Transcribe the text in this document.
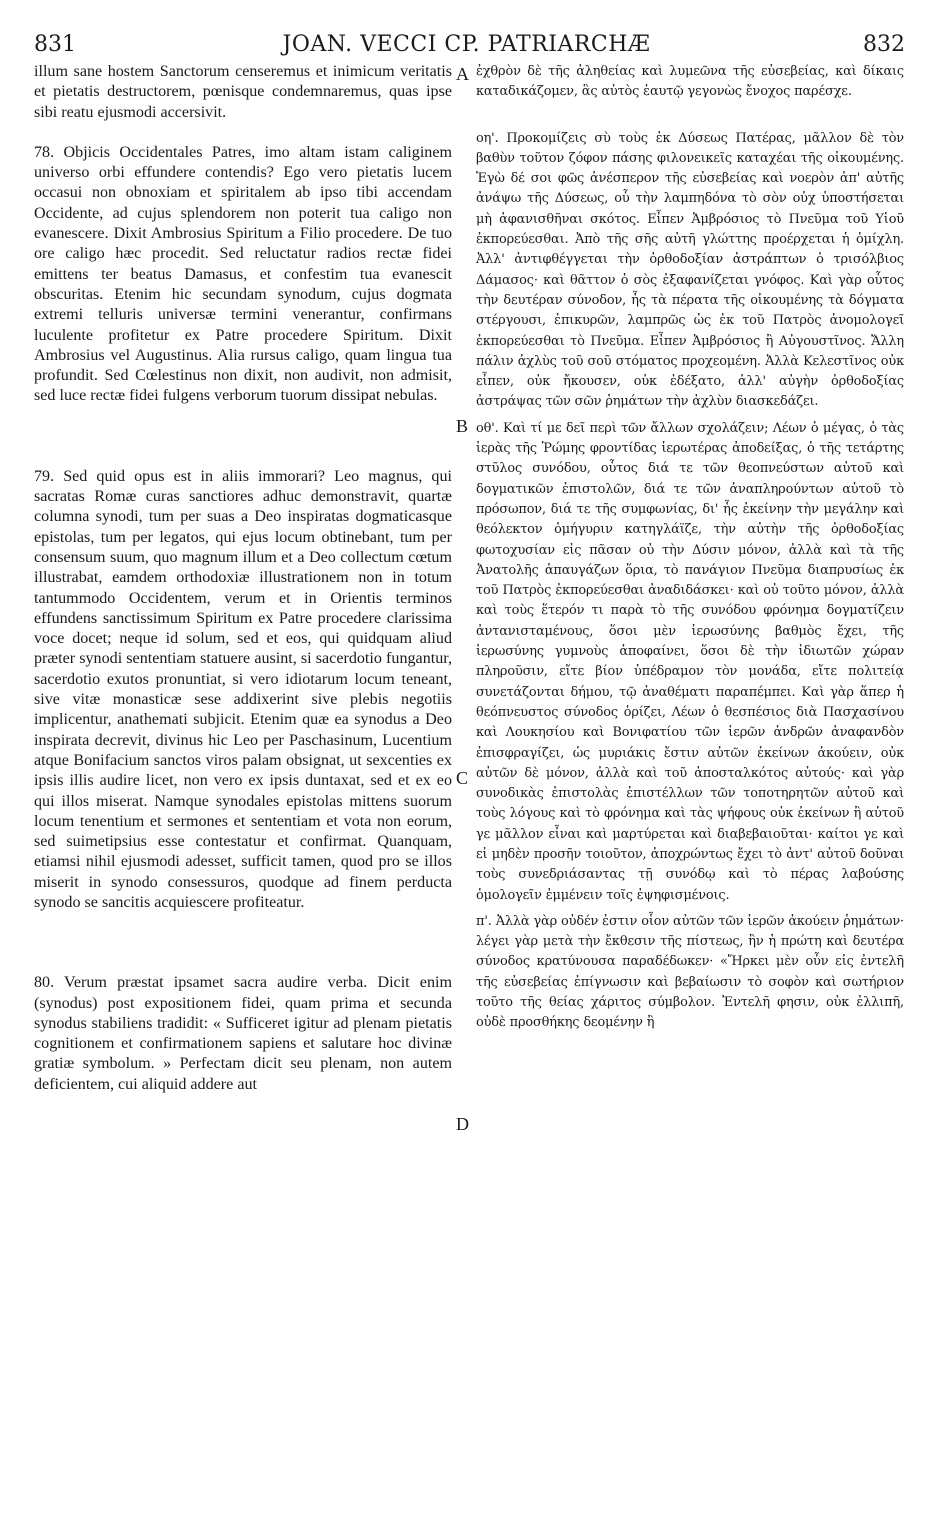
831	JOAN. VECCI CP. PATRIARCHÆ	832

illum sane hostem Sanctorum censeremus et inimicum veritatis et pietatis destructorem, pœnisque condemnaremus, quas ipse sibi reatu ejusmodi accersivit.

78. Objicis Occidentales Patres, imo altam istam caliginem universo orbi effundere contendis? Ego vero pietatis lucem occasui non obnoxiam et spiritalem ab ipso tibi accendam Occidente, ad cujus splendorem non poterit tua caligo non evanescere. Dixit Ambrosius Spiritum a Filio procedere. De tuo ore caligo hæc procedit. Sed reluctatur radios rectæ fidei emittens ter beatus Damasus, et confestim tua evanescit obscuritas. Etenim hic secundam synodum, cujus dogmata extremi telluris universæ termini venerantur, confirmans luculente profitetur ex Patre procedere Spiritum. Dixit Ambrosius vel Augustinus. Alia rursus caligo, quam lingua tua profundit. Sed Cœlestinus non dixit, non audivit, non admisit, sed luce rectæ fidei fulgens verborum tuorum dissipat nebulas.

79. Sed quid opus est in aliis immorari? Leo magnus, qui sacratas Romæ curas sanctiores adhuc demonstravit, quartæ columna synodi, tum per suas a Deo inspiratas dogmaticasque epistolas, tum per legatos, qui ejus locum obtinebant, tum per consensum suum, quo magnum illum et a Deo collectum cœtum illustrabat, eamdem orthodoxiæ illustrationem non in totum tantummodo Occidentem, verum et in Orientis terminos effundens sanctissimum Spiritum ex Patre procedere clarissima voce docet; neque id solum, sed et eos, qui quidquam aliud præter synodi sententiam statuere ausint, si sacerdotio fungantur, sacerdotio exutos pronuntiat, si vero idiotarum locum teneant, sive vitæ monasticæ sese addixerint sive plebis negotiis implicentur, anathemati subjicit. Etenim quæ ea synodus a Deo inspirata decrevit, divinus hic Leo per Paschasinum, Lucentium atque Bonifacium sanctos viros palam obsignat, ut sexcenties ex ipsis illis audire licet, non vero ex ipsis duntaxat, sed et ex eo qui illos miserat. Namque synodales epistolas mittens suorum locum tenentium et sermones et sententiam et vota non eorum, sed suimetipsius esse contestatur et confirmat. Quanquam, etiamsi nihil ejusmodi adesset, sufficit tamen, quod pro se illos miserit in synodo consessuros, quodque ad finem perducta synodo se sancitis acquiescere profiteatur.

80. Verum præstat ipsamet sacra audire verba. Dicit enim (synodus) post expositionem fidei, quam prima et secunda synodus stabiliens tradidit: « Sufficeret igitur ad plenam pietatis cognitionem et confirmationem sapiens et salutare hoc divinæ gratiæ symbolum. » Perfectam dicit seu plenam, non autem deficientem, cui aliquid addere aut

A
B
C
D

ἐχθρὸν δὲ τῆς ἀληθείας καὶ λυμεῶνα τῆς εὐσεβείας, καὶ δίκαις καταδικάζομεν, ἃς αὐτὸς ἑαυτῷ γεγονὼς ἔνοχος παρέσχε.

οη'. Προκομίζεις σὺ τοὺς ἐκ Δύσεως Πατέρας, μᾶλλον δὲ τὸν βαθὺν τοῦτον ζόφον πάσης φιλονεικεῖς καταχέαι τῆς οἰκουμένης. Ἐγὼ δέ σοι φῶς ἀνέσπερον τῆς εὐσεβείας καὶ νοερὸν ἀπ' αὐτῆς ἀνάψω τῆς Δύσεως, οὗ τὴν λαμπηδόνα τὸ σὸν οὐχ ὑποστήσεται μὴ ἀφανισθῆναι σκότος. Εἶπεν Ἀμβρόσιος τὸ Πνεῦμα τοῦ Υἱοῦ ἐκπορεύεσθαι. Ἀπὸ τῆς σῆς αὐτῆ γλώττης προέρχεται ἡ ὁμίχλη. Ἀλλ' ἀντιφθέγγεται τὴν ὀρθοδοξίαν ἀστράπτων ὁ τρισόλβιος Δάμασος· καὶ θᾶττον ὁ σὸς ἐξαφανίζεται γνόφος. Καὶ γὰρ οὗτος τὴν δευτέραν σύνοδον, ἧς τὰ πέρατα τῆς οἰκουμένης τὰ δόγματα στέργουσι, ἐπικυρῶν, λαμπρῶς ὡς ἐκ τοῦ Πατρὸς ἀνομολογεῖ ἐκπορεύεσθαι τὸ Πνεῦμα. Εἶπεν Ἀμβρόσιος ἢ Αὐγουστῖνος. Ἄλλη πάλιν ἀχλὺς τοῦ σοῦ στόματος προχεομένη. Ἀλλὰ Κελεστῖνος οὐκ εἶπεν, οὐκ ἤκουσεν, οὐκ ἐδέξατο, ἀλλ' αὐγὴν ὀρθοδοξίας ἀστράψας τῶν σῶν ῥημάτων τὴν ἀχλὺν διασκεδάζει.

οθ'. Καὶ τί με δεῖ περὶ τῶν ἄλλων σχολάζειν; Λέων ὁ μέγας, ὁ τὰς ἱερὰς τῆς Ῥώμης φροντίδας ἱερωτέρας ἀποδείξας, ὁ τῆς τετάρτης στῦλος συνόδου, οὗτος διά τε τῶν θεοπνεύστων αὐτοῦ καὶ δογματικῶν ἐπιστολῶν, διά τε τῶν ἀναπληρούντων αὐτοῦ τὸ πρόσωπον, διά τε τῆς συμφωνίας, δι' ἧς ἐκείνην τὴν μεγάλην καὶ θεόλεκτον ὁμήγυριν κατηγλάϊζε, τὴν αὐτὴν τῆς ὀρθοδοξίας φωτοχυσίαν εἰς πᾶσαν οὐ τὴν Δύσιν μόνον, ἀλλὰ καὶ τὰ τῆς Ἀνατολῆς ἀπαυγάζων ὅρια, τὸ πανάγιον Πνεῦμα διαπρυσίως ἐκ τοῦ Πατρὸς ἐκπορεύεσθαι ἀναδιδάσκει· καὶ οὐ τοῦτο μόνον, ἀλλὰ καὶ τοὺς ἕτερόν τι παρὰ τὸ τῆς συνόδου φρόνημα δογματίζειν ἀντανισταμένους, ὅσοι μὲν ἱερωσύνης βαθμὸς ἔχει, τῆς ἱερωσύνης γυμνοὺς ἀποφαίνει, ὅσοι δὲ τὴν ἰδιωτῶν χώραν πληροῦσιν, εἴτε βίον ὑπέδραμον τὸν μονάδα, εἴτε πολιτείᾳ συνετάζονται δήμου, τῷ ἀναθέματι παραπέμπει. Καὶ γὰρ ἅπερ ἡ θεόπνευστος σύνοδος ὁρίζει, Λέων ὁ θεσπέσιος διὰ Πασχασίνου καὶ Λουκησίου καὶ Βονιφατίου τῶν ἱερῶν ἀνδρῶν ἀναφανδὸν ἐπισφραγίζει, ὡς μυριάκις ἔστιν αὐτῶν ἐκείνων ἀκούειν, οὐκ αὐτῶν δὲ μόνον, ἀλλὰ καὶ τοῦ ἀποσταλκότος αὐτούς· καὶ γὰρ συνοδικὰς ἐπιστολὰς ἐπιστέλλων τῶν τοποτηρητῶν αὐτοῦ καὶ τοὺς λόγους καὶ τὸ φρόνημα καὶ τὰς ψήφους οὐκ ἐκείνων ἢ αὐτοῦ γε μᾶλλον εἶναι καὶ μαρτύρεται καὶ διαβεβαιοῦται· καίτοι γε καὶ εἰ μηδὲν προσῆν τοιοῦτον, ἀποχρώντως ἔχει τὸ ἀντ' αὐτοῦ δοῦναι τοὺς συνεδριάσαντας τῇ συνόδῳ καὶ τὸ πέρας λαβούσης ὁμολογεῖν ἐμμένειν τοῖς ἐψηφισμένοις.

π'. Ἀλλὰ γὰρ οὐδέν ἐστιν οἷον αὐτῶν τῶν ἱερῶν ἀκούειν ῥημάτων· λέγει γὰρ μετὰ τὴν ἔκθεσιν τῆς πίστεως, ἣν ἡ πρώτη καὶ δευτέρα σύνοδος κρατύνουσα παραδέδωκεν· «Ἤρκει μὲν οὖν εἰς ἐντελῆ τῆς εὐσεβείας ἐπίγνωσιν καὶ βεβαίωσιν τὸ σοφὸν καὶ σωτήριον τοῦτο τῆς θείας χάριτος σύμβολον. Ἐντελῆ φησιν, οὐκ ἐλλιπῆ, οὐδὲ προσθήκης δεομένην ἢ
